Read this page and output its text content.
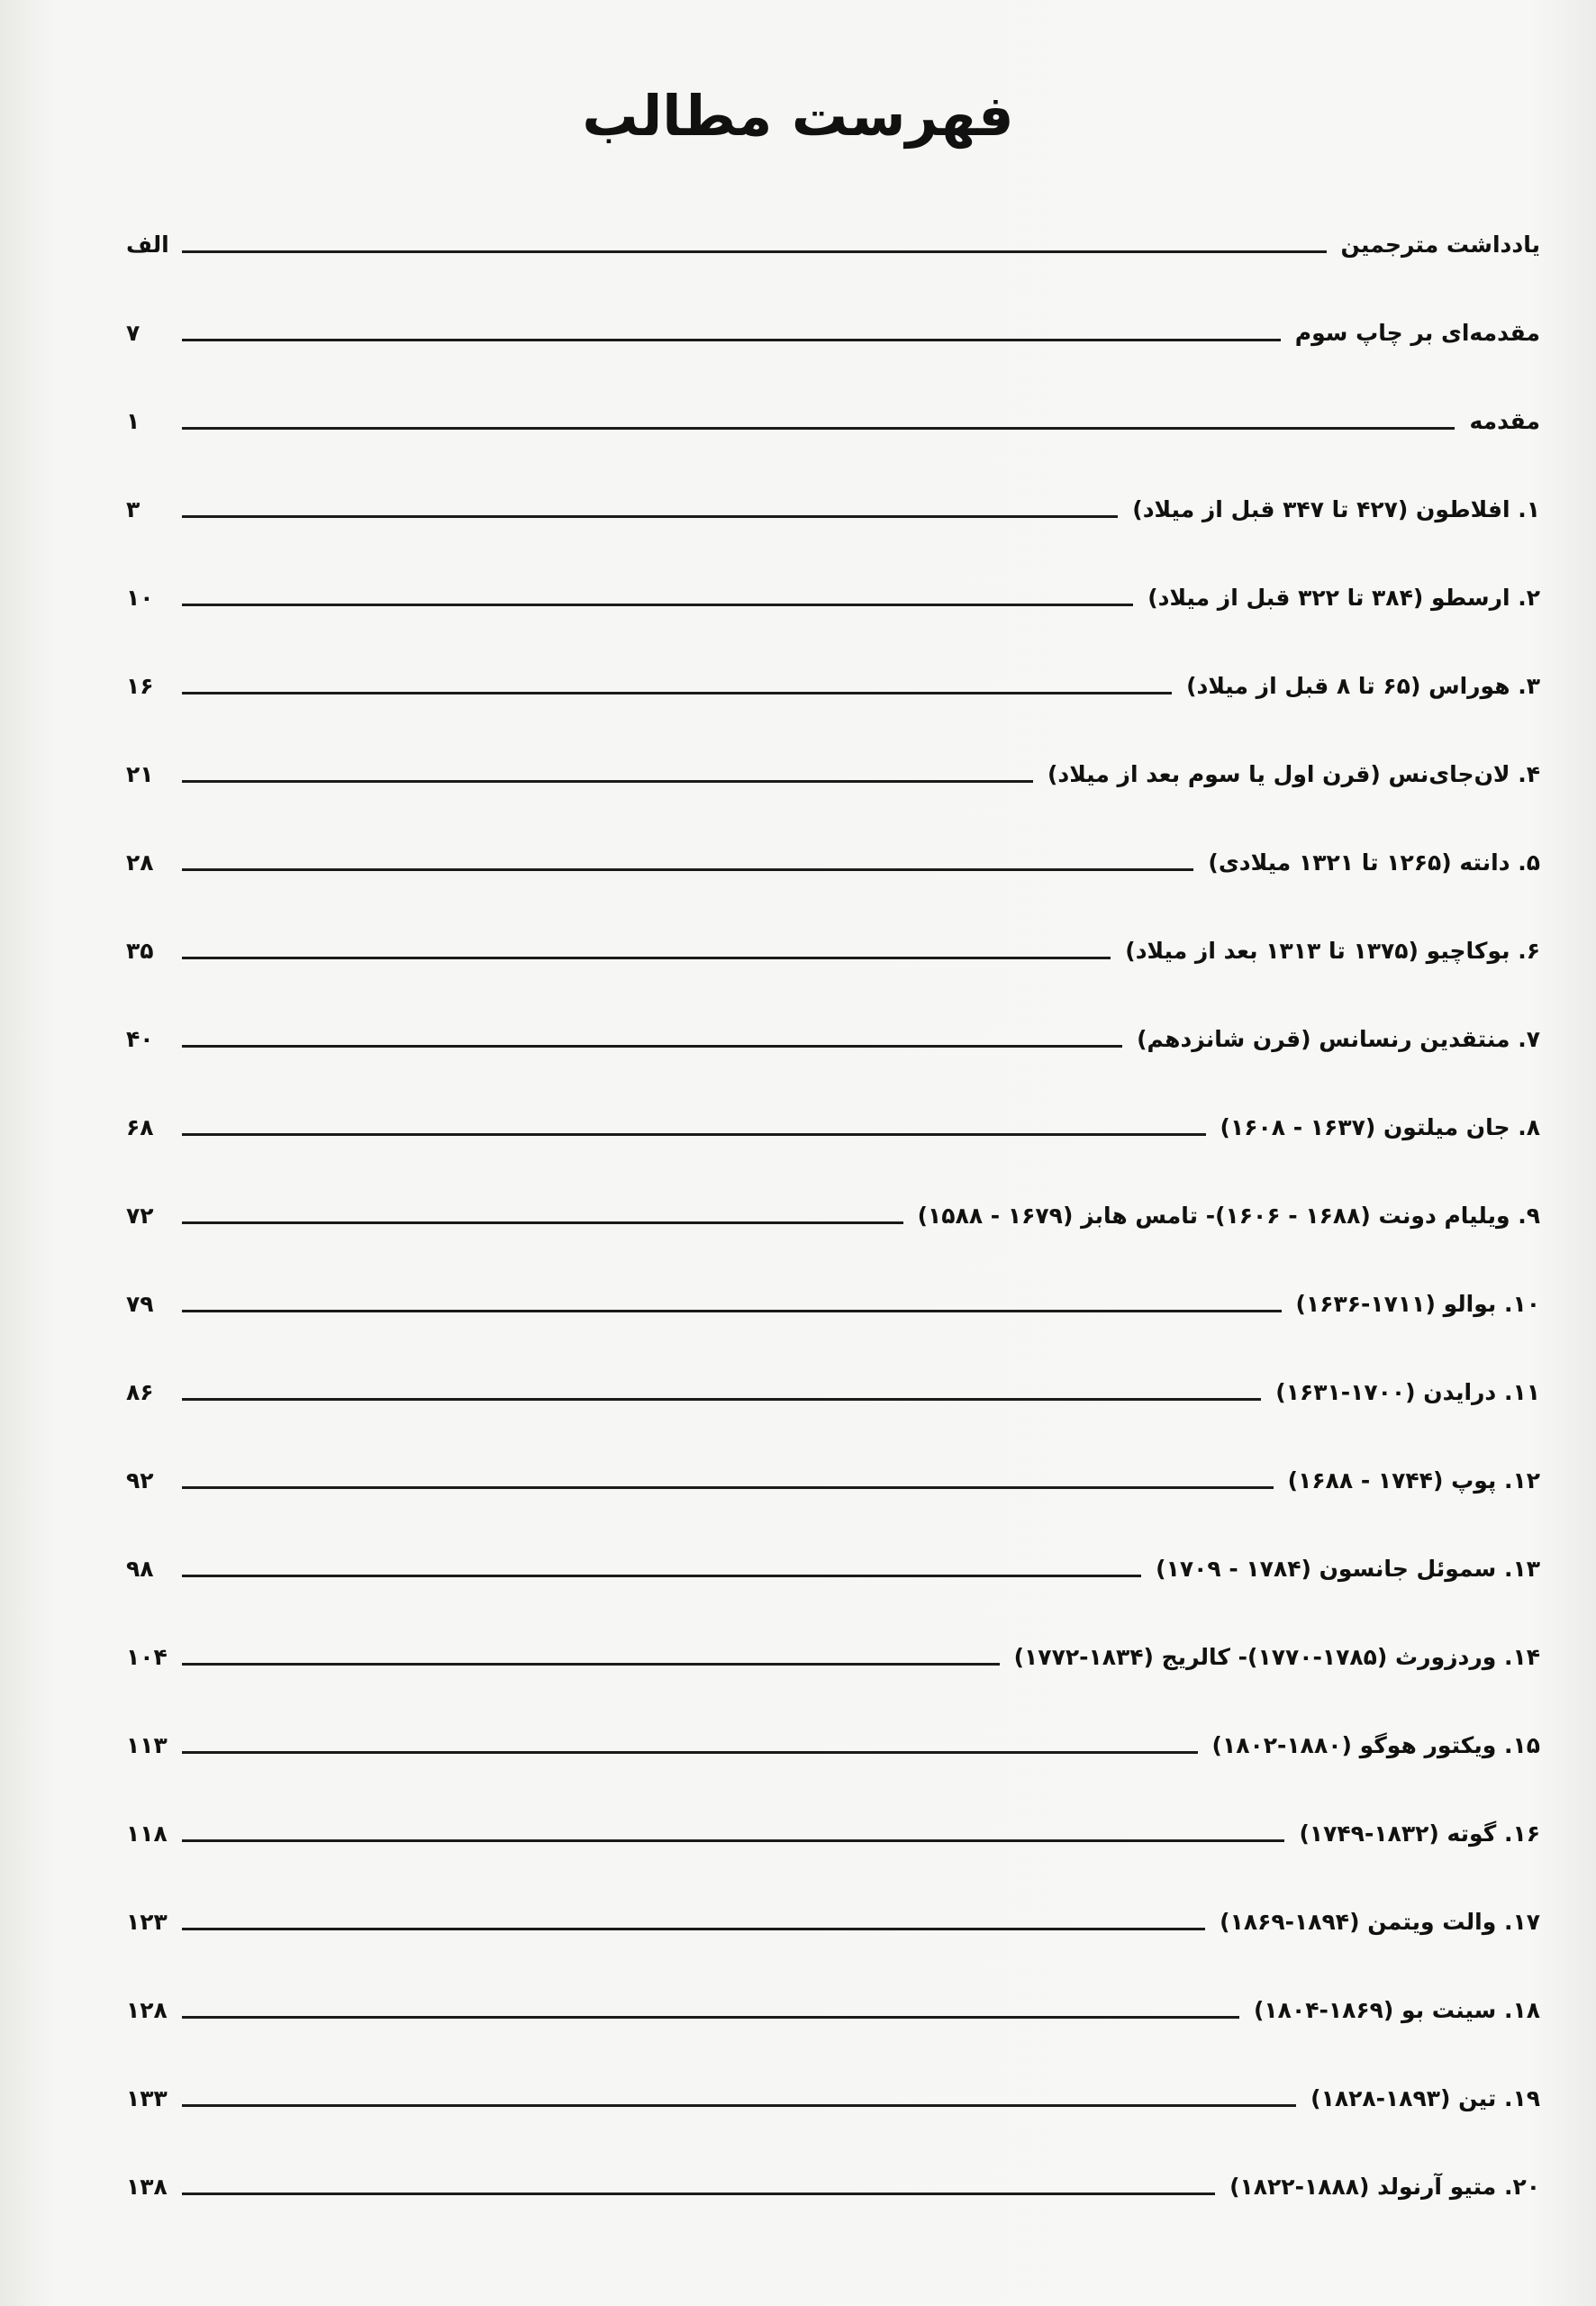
فهرست مطالب
یادداشت مترجمین
الف
مقدمه‌ای بر چاپ سوم
۷
مقدمه
۱
۱. افلاطون (۴۲۷ تا ۳۴۷ قبل از میلاد)
۳
۲. ارسطو (۳۸۴ تا ۳۲۲ قبل از میلاد)
۱۰
۳. هوراس (۶۵ تا ۸ قبل از میلاد)
۱۶
۴. لان‌جای‌نس (قرن اول یا سوم بعد از میلاد)
۲۱
۵. دانته (۱۲۶۵ تا ۱۳۲۱ میلادی)
۲۸
۶. بوکاچیو (۱۳۷۵ تا ۱۳۱۳ بعد از میلاد)
۳۵
۷. منتقدین رنسانس (قرن شانزدهم)
۴۰
۸. جان میلتون (۱۶۳۷ - ۱۶۰۸)
۶۸
۹. ویلیام دونت (۱۶۸۸ - ۱۶۰۶)- تامس هابز (۱۶۷۹ - ۱۵۸۸)
۷۲
۱۰. بوالو (۱۷۱۱-۱۶۳۶)
۷۹
۱۱. درایدن (۱۷۰۰-۱۶۳۱)
۸۶
۱۲. پوپ (۱۷۴۴ - ۱۶۸۸)
۹۲
۱۳. سموئل جانسون (۱۷۸۴ - ۱۷۰۹)
۹۸
۱۴. وردزورث (۱۷۸۵-۱۷۷۰)- کالریج (۱۸۳۴-۱۷۷۲)
۱۰۴
۱۵. ویکتور هوگو (۱۸۸۰-۱۸۰۲)
۱۱۳
۱۶. گوته (۱۸۳۲-۱۷۴۹)
۱۱۸
۱۷. والت ویتمن (۱۸۹۴-۱۸۶۹)
۱۲۳
۱۸. سینت بو (۱۸۶۹-۱۸۰۴)
۱۲۸
۱۹. تین (۱۸۹۳-۱۸۲۸)
۱۳۳
۲۰. متیو آرنولد (۱۸۸۸-۱۸۲۲)
۱۳۸
